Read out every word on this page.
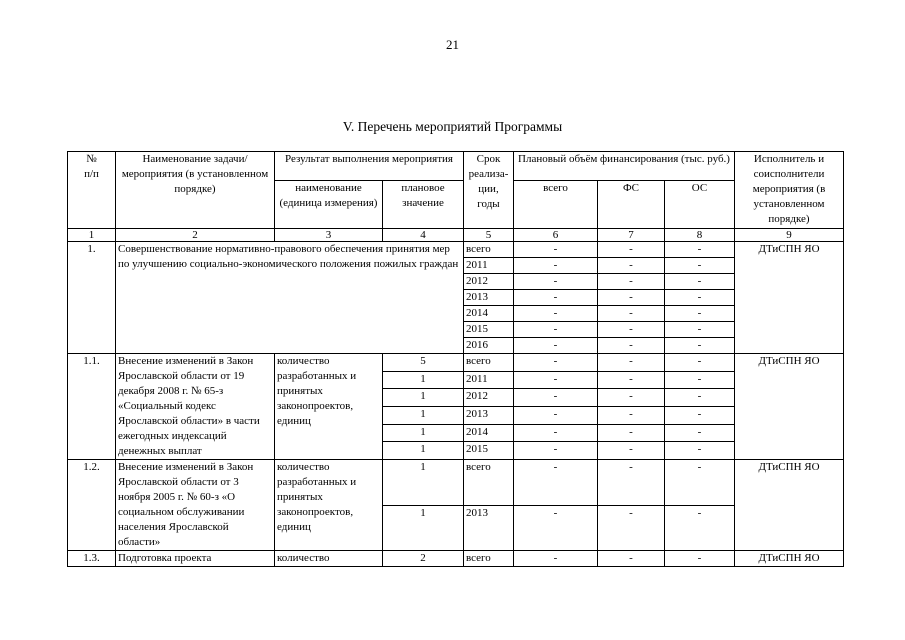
21
V. Перечень мероприятий Программы
№
п/п	Наименование задачи/мероприятия (в установленном порядке)	Результат выполнения мероприятия		Срок реализа-ции, годы	Плановый объём финансирования (тыс. руб.)			Исполнитель и соисполнители мероприятия (в установленном порядке)
		наименование (единица измерения)	плановое значение		всего	ФС	ОС	
1	2	3	4	5	6	7	8	9
1.	Совершенствование нормативно-правового обеспечения принятия мер по улучшению социально-экономического положения пожилых граждан			всего	-	-	-	ДТиСПН ЯО
				2011	-	-	-	
				2012	-	-	-	
				2013	-	-	-	
				2014	-	-	-	
				2015	-	-	-	
				2016	-	-	-	
1.1.	Внесение изменений в Закон Ярославской области от 19 декабря 2008 г. № 65-з «Социальный кодекс Ярославской области» в части ежегодных индексаций денежных выплат	количество разработанных и принятых законопроектов, единиц	5	всего	-	-	-	ДТиСПН ЯО
			1	2011	-	-	-	
			1	2012	-	-	-	
			1	2013	-	-	-	
			1	2014	-	-	-	
			1	2015	-	-	-	
1.2.	Внесение изменений в Закон Ярославской области от 3 ноября 2005 г. № 60-з «О социальном обслуживании населения Ярославской области»	количество разработанных и принятых законопроектов, единиц	1	всего	-	-	-	ДТиСПН ЯО
			1	2013	-	-	-	
1.3.	Подготовка проекта	количество	2	всего	-	-	-	ДТиСПН ЯО
